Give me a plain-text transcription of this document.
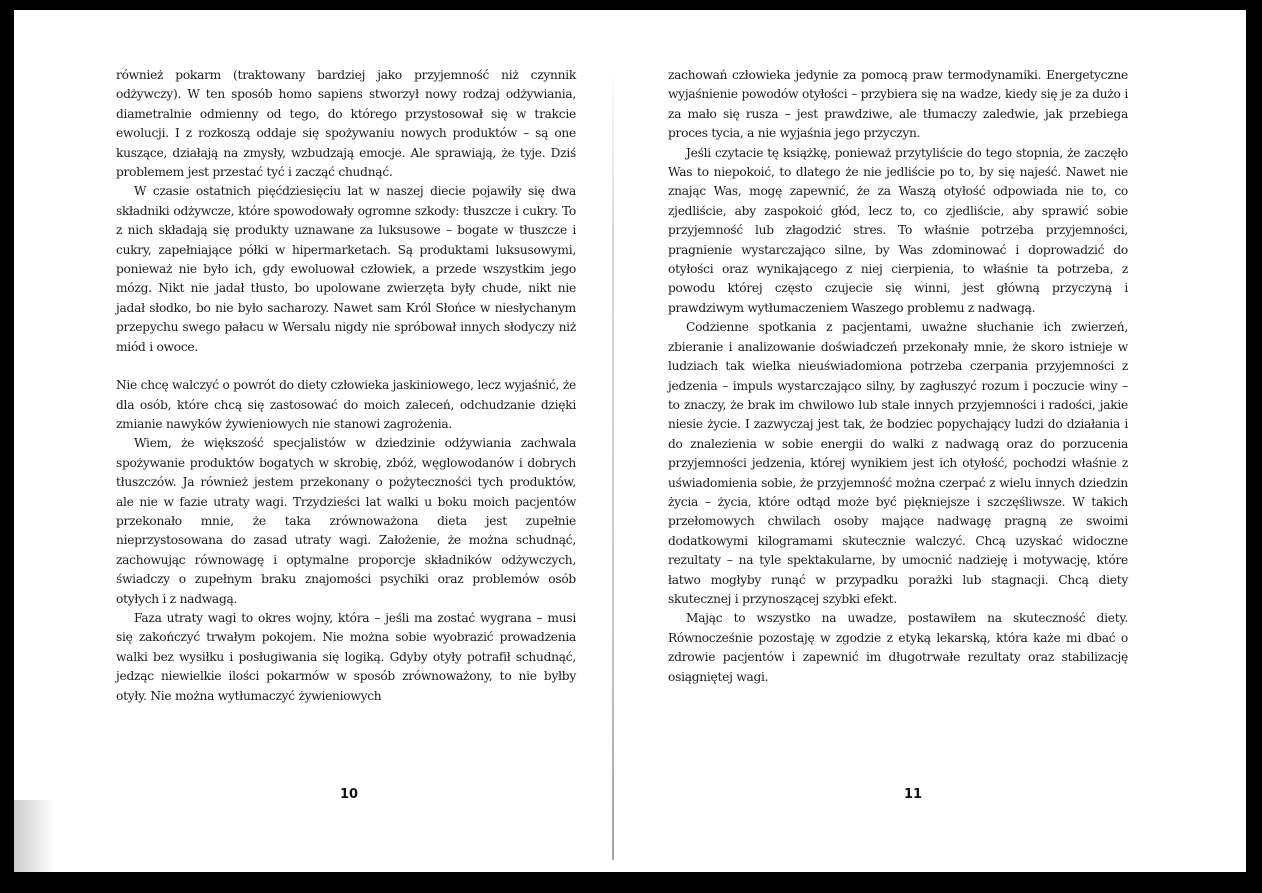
również pokarm (traktowany bardziej jako przyjemność niż czynnik odżywczy). W ten sposób homo sapiens stworzył nowy rodzaj odżywiania, diametralnie odmienny od tego, do którego przystosował się w trakcie ewolucji. I z rozkoszą oddaje się spożywaniu nowych produktów – są one kuszące, działają na zmysły, wzbudzają emocje. Ale sprawiają, że tyje. Dziś problemem jest przestać tyć i zacząć chudnąć.

W czasie ostatnich pięćdziesięciu lat w naszej diecie pojawiły się dwa składniki odżywcze, które spowodowały ogromne szkody: tłuszcze i cukry. To z nich składają się produkty uznawane za luksusowe – bogate w tłuszcze i cukry, zapełniające półki w hipermarketach. Są produktami luksusowymi, ponieważ nie było ich, gdy ewoluował człowiek, a przede wszystkim jego mózg. Nikt nie jadał tłusto, bo upolowane zwierzęta były chude, nikt nie jadał słodko, bo nie było sacharozy. Nawet sam Król Słońce w niesłychanym przepychu swego pałacu w Wersalu nigdy nie spróbował innych słodyczy niż miód i owoce.

Nie chcę walczyć o powrót do diety człowieka jaskiniowego, lecz wyjaśnić, że dla osób, które chcą się zastosować do moich zaleceń, odchudzanie dzięki zmianie nawyków żywieniowych nie stanowi zagrożenia.

Wiem, że większość specjalistów w dziedzinie odżywiania zachwala spożywanie produktów bogatych w skrobię, zbóż, węglowodanów i dobrych tłuszczów. Ja również jestem przekonany o pożyteczności tych produktów, ale nie w fazie utraty wagi. Trzydzieści lat walki u boku moich pacjentów przekonało mnie, że taka zrównoważona dieta jest zupełnie nieprzystosowana do zasad utraty wagi. Założenie, że można schudnąć, zachowując równowagę i optymalne proporcje składników odżywczych, świadczy o zupełnym braku znajomości psychiki oraz problemów osób otyłych i z nadwagą.

Faza utraty wagi to okres wojny, która – jeśli ma zostać wygrana – musi się zakończyć trwałym pokojem. Nie można sobie wyobrazić prowadzenia walki bez wysiłku i posługiwania się logiką. Gdyby otyły potrafił schudnąć, jedząc niewielkie ilości pokarmów w sposób zrównoważony, to nie byłby otyły. Nie można wytłumaczyć żywieniowych

10

zachowań człowieka jedynie za pomocą praw termodynamiki. Energetyczne wyjaśnienie powodów otyłości – przybiera się na wadze, kiedy się je za dużo i za mało się rusza – jest prawdziwe, ale tłumaczy zaledwie, jak przebiega proces tycia, a nie wyjaśnia jego przyczyn.

Jeśli czytacie tę książkę, ponieważ przytyliście do tego stopnia, że zaczęło Was to niepokoić, to dlatego że nie jedliście po to, by się najeść. Nawet nie znając Was, mogę zapewnić, że za Waszą otyłość odpowiada nie to, co zjedliście, aby zaspokoić głód, lecz to, co zjedliście, aby sprawić sobie przyjemność lub złagodzić stres. To właśnie potrzeba przyjemności, pragnienie wystarczająco silne, by Was zdominować i doprowadzić do otyłości oraz wynikającego z niej cierpienia, to właśnie ta potrzeba, z powodu której często czujecie się winni, jest główną przyczyną i prawdziwym wytłumaczeniem Waszego problemu z nadwagą.

Codzienne spotkania z pacjentami, uważne słuchanie ich zwierzeń, zbieranie i analizowanie doświadczeń przekonały mnie, że skoro istnieje w ludziach tak wielka nieuświadomiona potrzeba czerpania przyjemności z jedzenia – impuls wystarczająco silny, by zagłuszyć rozum i poczucie winy – to znaczy, że brak im chwilowo lub stale innych przyjemności i radości, jakie niesie życie. I zazwyczaj jest tak, że bodziec popychający ludzi do działania i do znalezienia w sobie energii do walki z nadwagą oraz do porzucenia przyjemności jedzenia, której wynikiem jest ich otyłość, pochodzi właśnie z uświadomienia sobie, że przyjemność można czerpać z wielu innych dziedzin życia – życia, które odtąd może być piękniejsze i szczęśliwsze. W takich przełomowych chwilach osoby mające nadwagę pragną ze swoimi dodatkowymi kilogramami skutecznie walczyć. Chcą uzyskać widoczne rezultaty – na tyle spektakularne, by umocnić nadzieję i motywację, które łatwo mogłyby runąć w przypadku porażki lub stagnacji. Chcą diety skutecznej i przynoszącej szybki efekt.

Mając to wszystko na uwadze, postawiłem na skuteczność diety. Równocześnie pozostaję w zgodzie z etyką lekarską, która każe mi dbać o zdrowie pacjentów i zapewnić im długotrwałe rezultaty oraz stabilizację osiągniętej wagi.

11
